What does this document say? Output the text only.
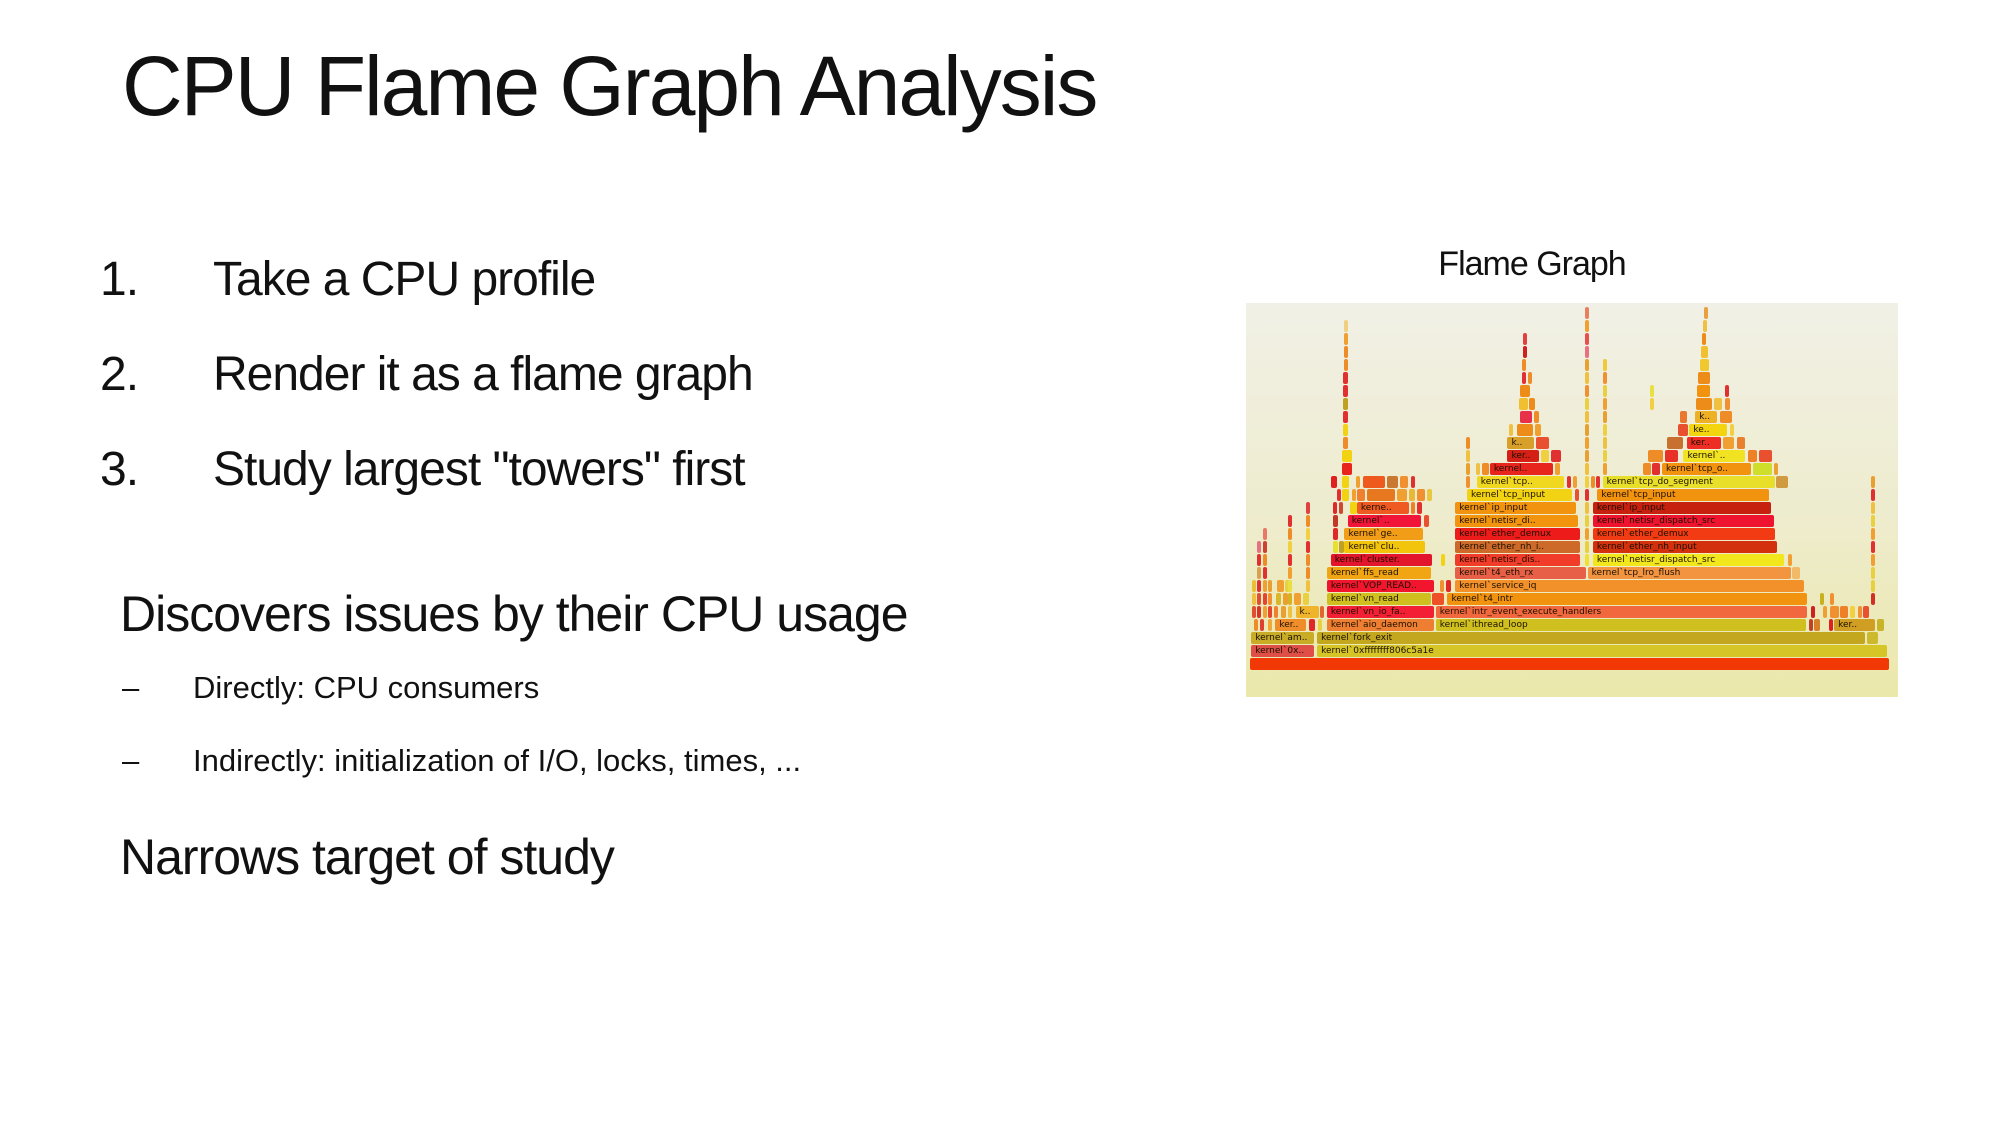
CPU Flame Graph Analysis
1. Take a CPU profile
2. Render it as a flame graph
3. Study largest "towers" first
Discovers issues by their CPU usage
– Directly: CPU consumers
– Indirectly: initialization of I/O, locks, times, ...
Narrows target of study
Flame Graph
kernel`0x..	kernel`0xffffffff806c5a1e
kernel`am..	kernel`fork_exit
ker..	kernel`aio_daemon	kernel`ithread_loop	ker..
k..	kernel`vn_io_fa..	kernel`intr_event_execute_handlers
kernel`vn_read	kernel`t4_intr
kernel`VOP_READ..	kernel`service_iq
kernel`ffs_read	kernel`t4_eth_rx	kernel`tcp_lro_flush
kernel`cluster.	kernel`netisr_dis..	kernel`netisr_dispatch_src
kernel`clu..	kernel`ether_nh_i..	kernel`ether_nh_input
kernel`ge..	kernel`ether_demux	kernel`ether_demux
kernel`..	kernel`netisr_di..	kernel`netisr_dispatch_src
kerne..	kernel`ip_input	kernel`ip_input
kernel`tcp_input	kernel`tcp_input
kernel`tcp..	kernel`tcp_do_segment
kernel..	kernel`tcp_o..
ker..	kernel`..
k..	ker..
ke..
k..
